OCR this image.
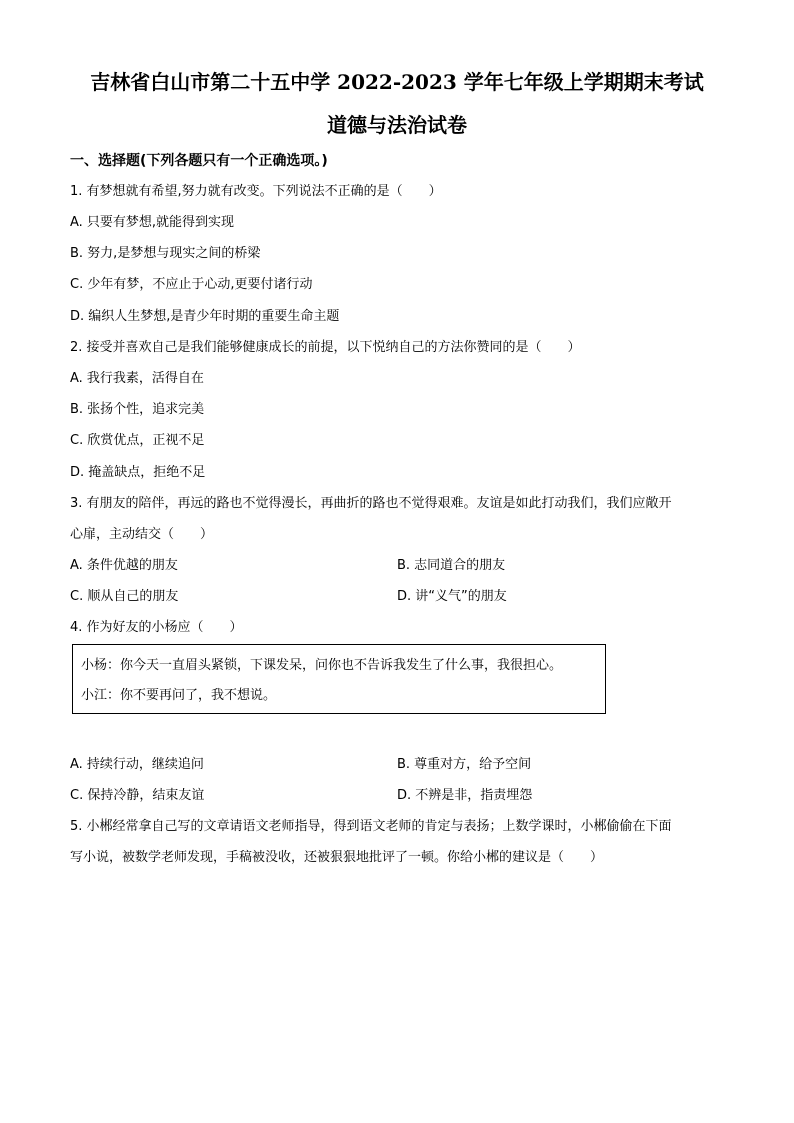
吉林省白山市第二十五中学 2022-2023 学年七年级上学期期末考试
道德与法治试卷
一、选择题(下列各题只有一个正确选项。)
1. 有梦想就有希望,努力就有改变。下列说法不正确的是（　　）
A. 只要有梦想,就能得到实现
B. 努力,是梦想与现实之间的桥梁
C. 少年有梦，不应止于心动,更要付诸行动
D. 编织人生梦想,是青少年时期的重要生命主题
2. 接受并喜欢自己是我们能够健康成长的前提，以下悦纳自己的方法你赞同的是（　　）
A. 我行我素，活得自在
B. 张扬个性，追求完美
C. 欣赏优点，正视不足
D. 掩盖缺点，拒绝不足
3. 有朋友的陪伴，再远的路也不觉得漫长，再曲折的路也不觉得艰难。友谊是如此打动我们，我们应敞开
心扉，主动结交（　　）
A. 条件优越的朋友	B. 志同道合的朋友
C. 顺从自己的朋友	D. 讲“义气”的朋友
4. 作为好友的小杨应（　　）
小杨：你今天一直眉头紧锁，下课发呆，问你也不告诉我发生了什么事，我很担心。
小江：你不要再问了，我不想说。
A. 持续行动，继续追问	B. 尊重对方，给予空间
C. 保持冷静，结束友谊	D. 不辨是非，指责埋怨
5. 小郴经常拿自己写的文章请语文老师指导，得到语文老师的肯定与表扬；上数学课时，小郴偷偷在下面
写小说，被数学老师发现，手稿被没收，还被狠狠地批评了一顿。你给小郴的建议是（　　）
